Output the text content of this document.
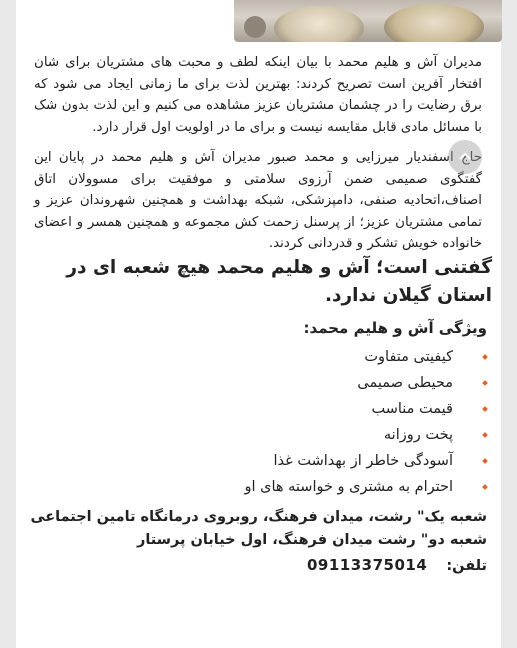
مدیران آش و هلیم محمد با بیان اینکه لطف و محبت های مشتریان برای شان افتخار آفرین است تصریح کردند: بهترین لذت برای ما زمانی ایجاد می شود که برق رضایت را در چشمان مشتریان عزیز مشاهده می کنیم و این لذت بدون شک با مسائل مادی قابل مقایسه نیست و برای ما در اولویت اول قرار دارد.

حاج اسفندیار میرزایی و محمد صبور مدیران آش و هلیم محمد در پایان این گفتگوی صمیمی ضمن آرزوی سلامتی و موفقیت برای مسوولان اتاق اصناف،اتحادیه صنفی، دامپزشکی، شبکه بهداشت و همچنین شهروندان عزیز و تمامی مشتریان عزیز؛ از پرسنل زحمت کش مجموعه و همچنین همسر و اعضای خانواده خویش تشکر و قدردانی کردند.

گفتنی است؛ آش و هلیم محمد هیچ شعبه ای در استان گیلان ندارد.

ویژگی آش و هلیم محمد:

کیفیتی متفاوت
محیطی صمیمی
قیمت مناسب
پخت روزانه
آسودگی خاطر از بهداشت غذا
احترام به مشتری و خواسته های او

شعبه یک" رشت، میدان فرهنگ، روبروی درمانگاه تامین اجتماعی

شعبه دو" رشت میدان فرهنگ، اول خیابان پرستار

تلفن: 09113375014
